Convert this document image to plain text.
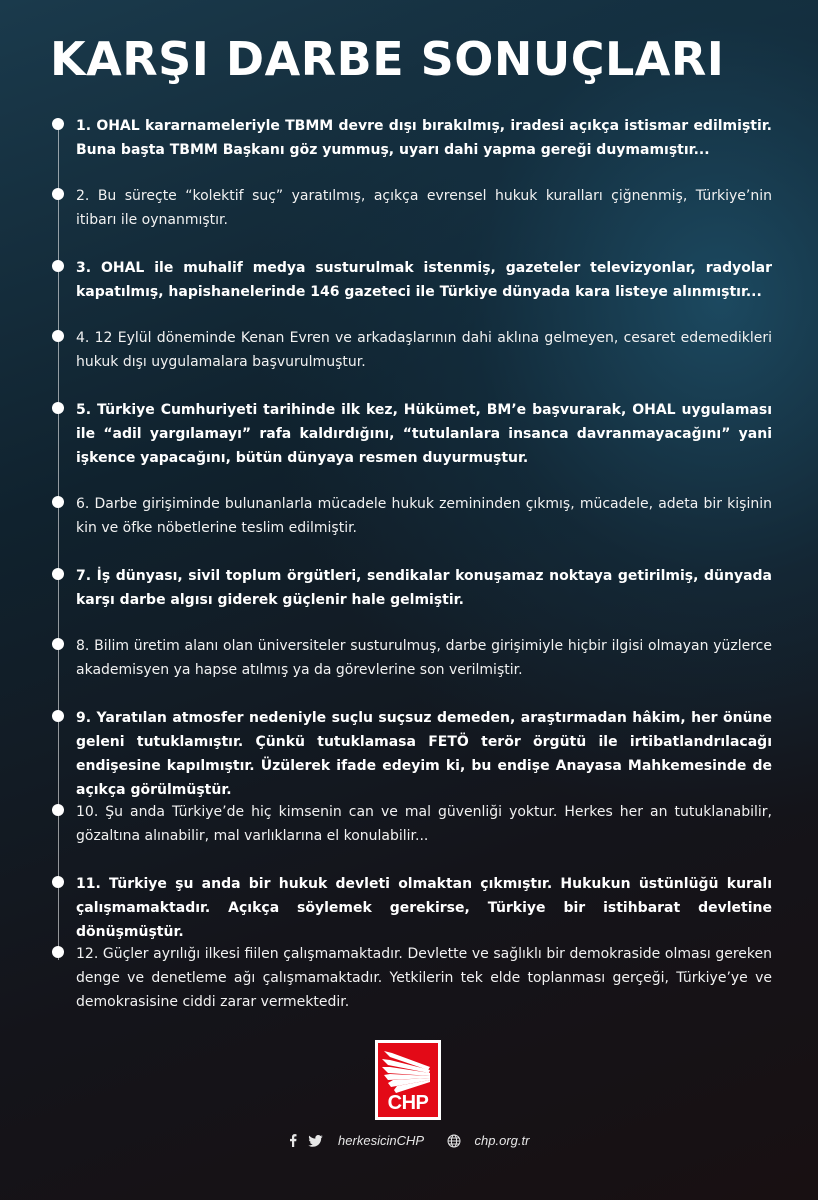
KARŞI DARBE SONUÇLARI
1. OHAL kararnameleriyle TBMM devre dışı bırakılmış, iradesi açıkça istismar edilmiştir. Buna başta TBMM Başkanı göz yummuş, uyarı dahi yapma gereği duymamıştır...
2. Bu süreçte “kolektif suç” yaratılmış, açıkça evrensel hukuk kuralları çiğnenmiş, Türkiye’nin itibarı ile oynanmıştır.
3. OHAL ile muhalif medya susturulmak istenmiş, gazeteler televizyonlar, radyolar kapatılmış, hapishanelerinde 146 gazeteci ile Türkiye dünyada kara listeye alınmıştır...
4. 12 Eylül döneminde Kenan Evren ve arkadaşlarının dahi aklına gelmeyen, cesaret edemedikleri hukuk dışı uygulamalara başvurulmuştur.
5. Türkiye Cumhuriyeti tarihinde ilk kez, Hükümet, BM’e başvurarak, OHAL uygulaması ile “adil yargılamayı” rafa kaldırdığını, “tutulanlara insanca davranmayacağını” yani işkence yapacağını, bütün dünyaya resmen duyurmuştur.
6. Darbe girişiminde bulunanlarla mücadele hukuk zemininden çıkmış, mücadele, adeta bir kişinin kin ve öfke nöbetlerine teslim edilmiştir.
7. İş dünyası, sivil toplum örgütleri, sendikalar konuşamaz noktaya getirilmiş, dünyada karşı darbe algısı giderek güçlenir hale gelmiştir.
8. Bilim üretim alanı olan üniversiteler susturulmuş, darbe girişimiyle hiçbir ilgisi olmayan yüzlerce akademisyen ya hapse atılmış ya da görevlerine son verilmiştir.
9. Yaratılan atmosfer nedeniyle suçlu suçsuz demeden, araştırmadan hâkim, her önüne geleni tutuklamıştır. Çünkü tutuklamasa FETÖ terör örgütü ile irtibatlandrılacağı endişesine kapılmıştır. Üzülerek ifade edeyim ki, bu endişe Anayasa Mahkemesinde de açıkça görülmüştür.
10. Şu anda Türkiye’de hiç kimsenin can ve mal güvenliği yoktur. Herkes her an tutuklanabilir, gözaltına alınabilir, mal varlıklarına el konulabilir...
11. Türkiye şu anda bir hukuk devleti olmaktan çıkmıştır. Hukukun üstünlüğü kuralı çalışmamaktadır. Açıkça söylemek gerekirse, Türkiye bir istihbarat devletine dönüşmüştür.
12. Güçler ayrılığı ilkesi fiilen çalışmamaktadır. Devlette ve sağlıklı bir demokraside olması gereken denge ve denetleme ağı çalışmamaktadır. Yetkilerin tek elde toplanması gerçeği, Türkiye’ye ve demokrasisine ciddi zarar vermektedir.
CHP
herkesicinCHP	chp.org.tr
